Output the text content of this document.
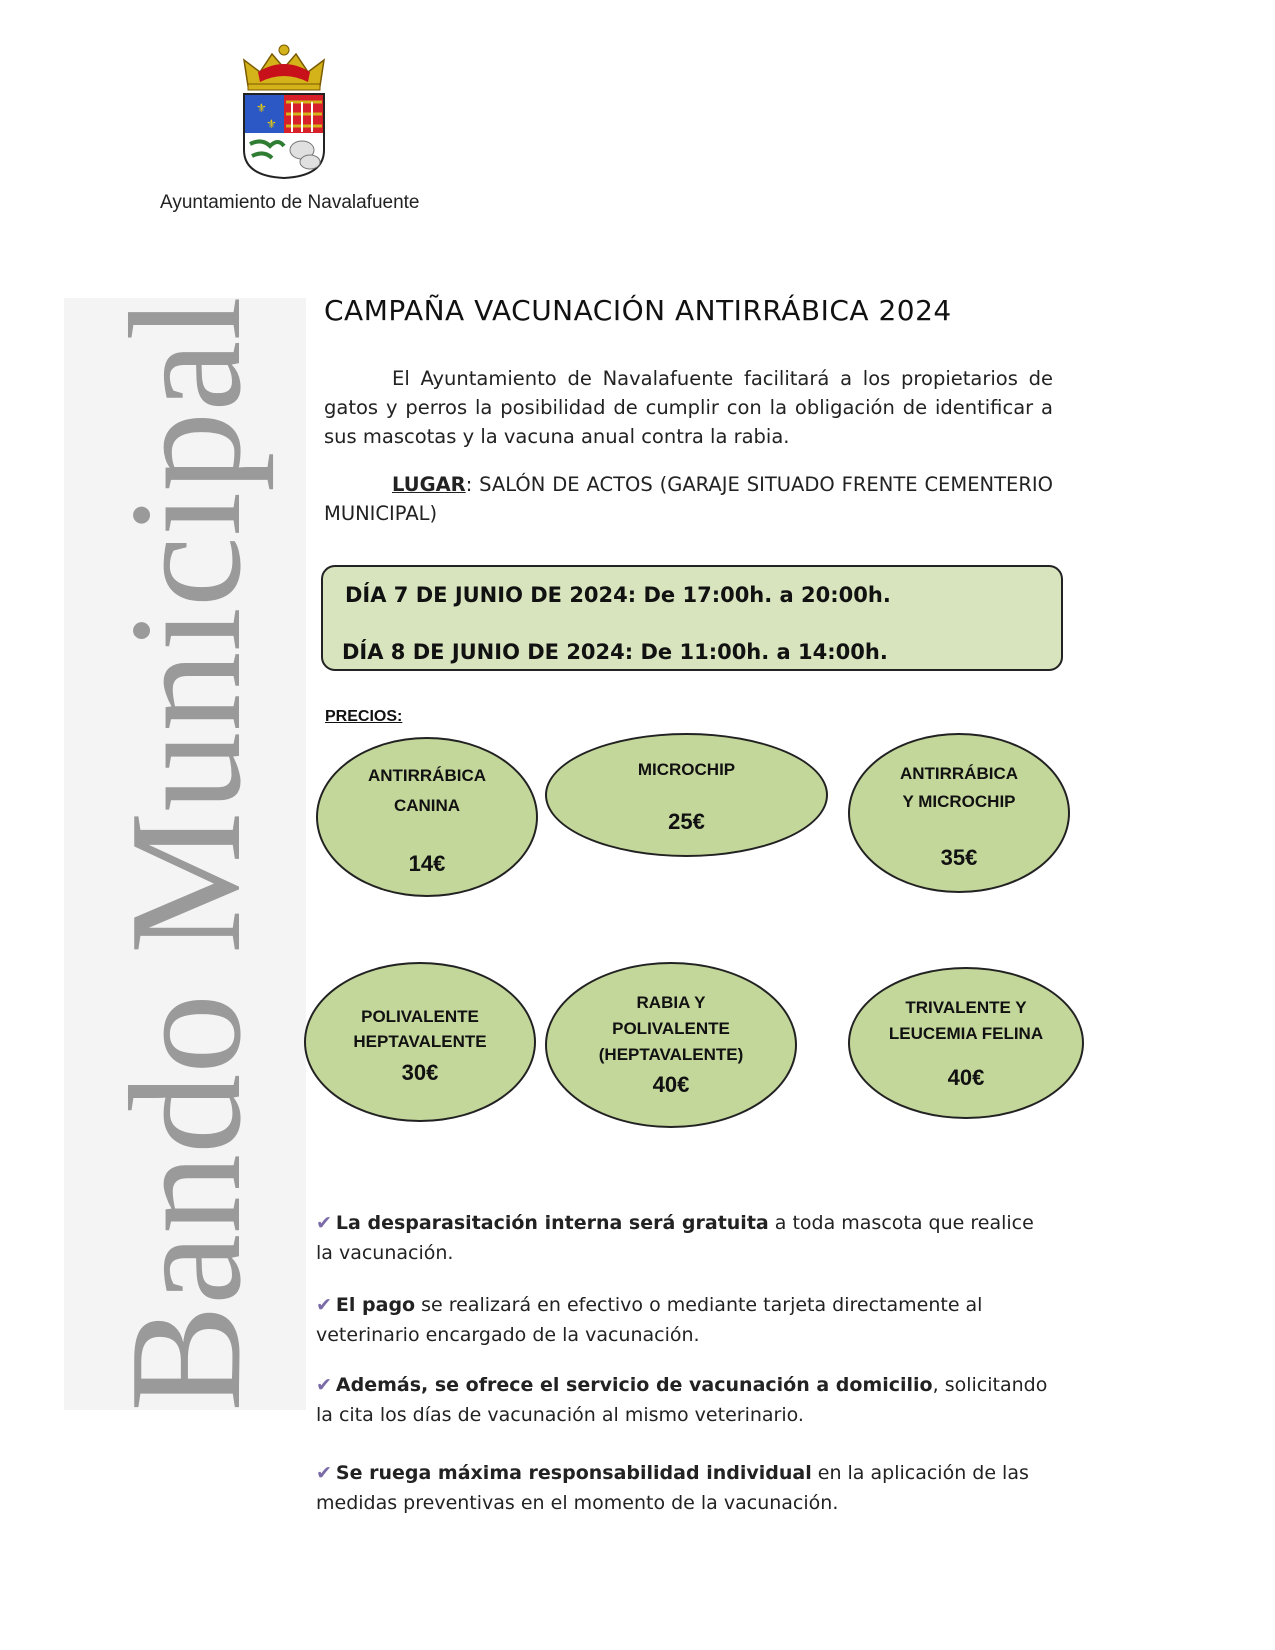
⚜
⚜
Ayuntamiento de Navalafuente
Bando Municipal CAMPAÑA VACUNACIÓN ANTIRRÁBICA 2024
El Ayuntamiento de Navalafuente facilitará a los propietarios de gatos y perros la posibilidad de cumplir con la obligación de identificar a sus mascotas y la vacuna anual contra la rabia.
LUGAR: SALÓN DE ACTOS (GARAJE SITUADO FRENTE CEMENTERIO MUNICIPAL)
DÍA 7 DE JUNIO DE 2024: De 17:00h. a 20:00h.
DÍA 8 DE JUNIO DE 2024: De 11:00h. a 14:00h.
PRECIOS:
ANTIRRÁBICA
CANINA
14€
MICROCHIP
25€
ANTIRRÁBICA
Y MICROCHIP
35€
POLIVALENTE
HEPTAVALENTE
30€
RABIA Y
POLIVALENTE
(HEPTAVALENTE)
40€
TRIVALENTE Y
LEUCEMIA FELINA
40€
✔ La desparasitación interna será gratuita a toda mascota que realice la vacunación.
✔ El pago se realizará en efectivo o mediante tarjeta directamente al veterinario encargado de la vacunación.
✔ Además, se ofrece el servicio de vacunación a domicilio, solicitando la cita los días de vacunación al mismo veterinario.
✔ Se ruega máxima responsabilidad individual en la aplicación de las medidas preventivas en el momento de la vacunación.
